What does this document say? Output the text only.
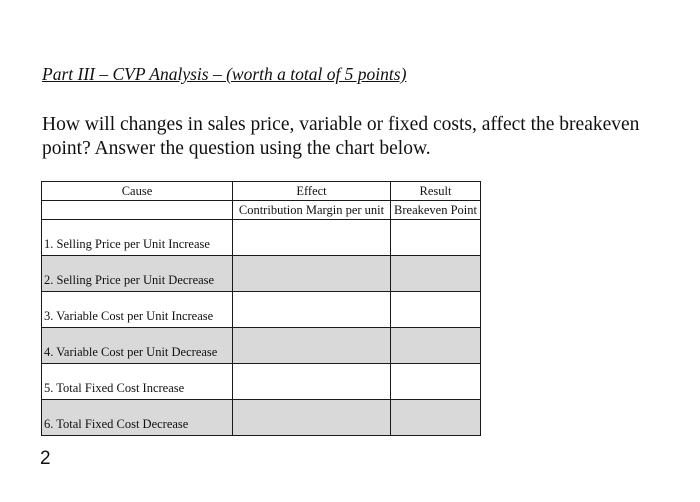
Part III – CVP Analysis – (worth a total of 5 points)

How will changes in sales price, variable or fixed costs, affect the breakeven point? Answer the question using the chart below.

Cause	Effect	Result
	Contribution Margin per unit	Breakeven Point
1. Selling Price per Unit Increase		
2. Selling Price per Unit Decrease		
3. Variable Cost per Unit Increase		
4. Variable Cost per Unit Decrease		
5. Total Fixed Cost Increase		
6. Total Fixed Cost Decrease		
2
